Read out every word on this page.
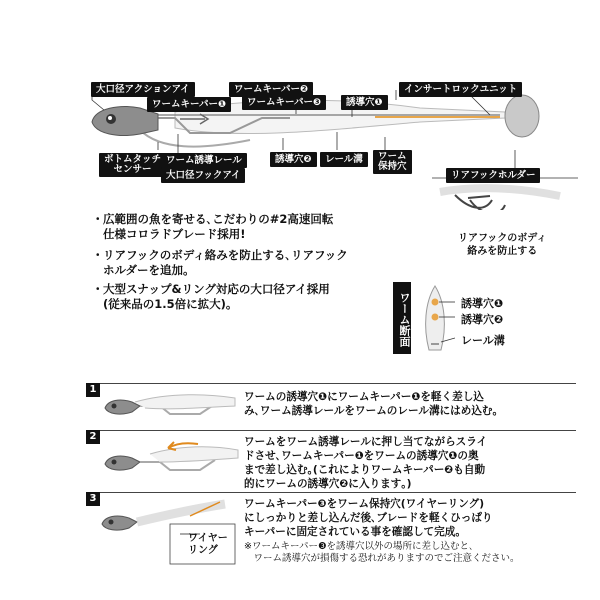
大口径アクションアイ
ワームキーパー❶
ワームキーパー❷
ワームキーパー❸	誘導穴❶
インサートロックユニット
ボトムタッチ
センサー
ワーム誘導レール
大口径フックアイ
誘導穴❷	レール溝	ワーム
保持穴
リアフックホルダー
リアフックのボディ
絡みを防止する
・ 広範囲の魚を寄せる､こだわりの#2高速回転
仕様コロラドブレード採用!
・ リアフックのボディ絡みを防止する､リアフック
ホルダーを追加｡
・ 大型スナップ&リング対応の大口径アイ採用
(従来品の1.5倍に拡大)｡	ワーム断面	誘導穴❶
誘導穴❷
レール溝
1
ワームの誘導穴❶にワームキーパー❶を軽く差し込
み､ワーム誘導レールをワームのレール溝にはめ込む｡
2	ワームをワーム誘導レールに押し当てながらスライ
ドさせ､ワームキーパー❶をワームの誘導穴❶の奥
まで差し込む｡(これによりワームキーパー❷も自動
的にワームの誘導穴❷に入ります｡)
3
ワイヤー
リング
ワームキーパー❸をワーム保持穴(ワイヤーリング)
にしっかりと差し込んだ後､ブレードを軽くひっぱり
キーパーに固定されている事を確認して完成｡
※ワームキーパー❸を誘導穴以外の場所に差し込むと､
　ワーム誘導穴が損傷する恐れがありますのでご注意ください｡
